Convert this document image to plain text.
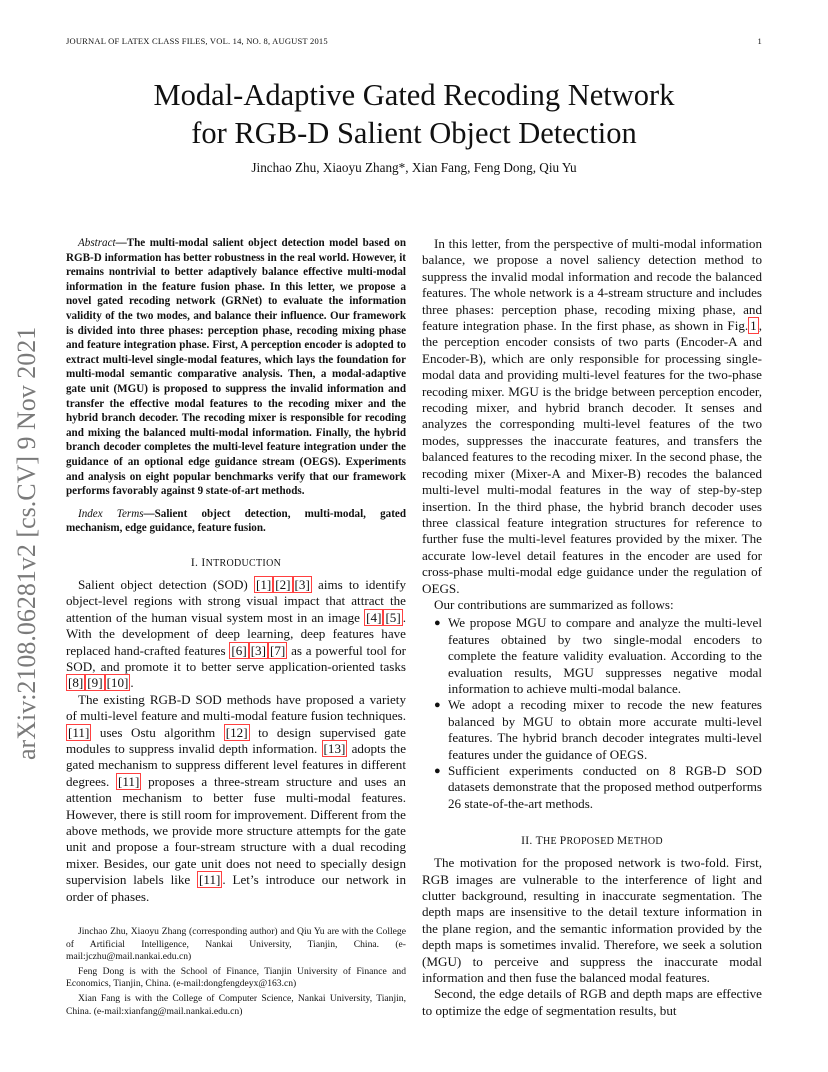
JOURNAL OF LATEX CLASS FILES, VOL. 14, NO. 8, AUGUST 2015	1
arXiv:2108.06281v2 [cs.CV] 9 Nov 2021
Modal-Adaptive Gated Recoding Network
for RGB-D Salient Object Detection
Jinchao Zhu, Xiaoyu Zhang*, Xian Fang, Feng Dong, Qiu Yu

Abstract—The multi-modal salient object detection model based on RGB-D information has better robustness in the real world. However, it remains nontrivial to better adaptively balance effective multi-modal information in the feature fusion phase. In this letter, we propose a novel gated recoding network (GRNet) to evaluate the information validity of the two modes, and balance their influence. Our framework is divided into three phases: perception phase, recoding mixing phase and feature integration phase. First, A perception encoder is adopted to extract multi-level single-modal features, which lays the foundation for multi-modal semantic comparative analysis. Then, a modal-adaptive gate unit (MGU) is proposed to suppress the invalid information and transfer the effective modal features to the recoding mixer and the hybrid branch decoder. The recoding mixer is responsible for recoding and mixing the balanced multi-modal information. Finally, the hybrid branch decoder completes the multi-level feature integration under the guidance of an optional edge guidance stream (OEGS). Experiments and analysis on eight popular benchmarks verify that our framework performs favorably against 9 state-of-art methods.

Index Terms—Salient object detection, multi-modal, gated mechanism, edge guidance, feature fusion.

I. INTRODUCTION

Salient object detection (SOD) [1] [2] [3] aims to identify object-level regions with strong visual impact that attract the attention of the human visual system most in an image [4] [5] . With the development of deep learning, deep features have replaced hand-crafted features [6] [3] [7] as a powerful tool for SOD, and promote it to better serve application-oriented tasks [8] [9] [10] .

The existing RGB-D SOD methods have proposed a variety of multi-level feature and multi-modal feature fusion techniques. [11] uses Ostu algorithm [12] to design supervised gate modules to suppress invalid depth information. [13] adopts the gated mechanism to suppress different level features in different degrees. [11] proposes a three-stream structure and uses an attention mechanism to better fuse multi-modal features. However, there is still room for improvement. Different from the above methods, we provide more structure attempts for the gate unit and propose a four-stream structure with a dual recoding mixer. Besides, our gate unit does not need to specially design supervision labels like [11] . Let’s introduce our network in order of phases.

Jinchao Zhu, Xiaoyu Zhang (corresponding author) and Qiu Yu are with the College of Artificial Intelligence, Nankai University, Tianjin, China. (e-mail:jczhu@mail.nankai.edu.cn)

Feng Dong is with the School of Finance, Tianjin University of Finance and Economics, Tianjin, China. (e-mail:dongfengdeyx@163.cn)

Xian Fang is with the College of Computer Science, Nankai University, Tianjin, China. (e-mail:xianfang@mail.nankai.edu.cn)

In this letter, from the perspective of multi-modal information balance, we propose a novel saliency detection method to suppress the invalid modal information and recode the balanced features. The whole network is a 4-stream structure and includes three phases: perception phase, recoding mixing phase, and feature integration phase. In the first phase, as shown in Fig. 1 , the perception encoder consists of two parts (Encoder-A and Encoder-B), which are only responsible for processing single-modal data and providing multi-level features for the two-phase recoding mixer. MGU is the bridge between perception encoder, recoding mixer, and hybrid branch decoder. It senses and analyzes the corresponding multi-level features of the two modes, suppresses the inaccurate features, and transfers the balanced features to the recoding mixer. In the second phase, the recoding mixer (Mixer-A and Mixer-B) recodes the balanced multi-level multi-modal features in the way of step-by-step insertion. In the third phase, the hybrid branch decoder uses three classical feature integration structures for reference to further fuse the multi-level features provided by the mixer. The accurate low-level detail features in the encoder are used for cross-phase multi-modal edge guidance under the regulation of OEGS.

Our contributions are summarized as follows:

● We propose MGU to compare and analyze the multi-level features obtained by two single-modal encoders to complete the feature validity evaluation. According to the evaluation results, MGU suppresses negative modal information to achieve multi-modal balance.
● We adopt a recoding mixer to recode the new features balanced by MGU to obtain more accurate multi-level features. The hybrid branch decoder integrates multi-level features under the guidance of OEGS.
● Sufficient experiments conducted on 8 RGB-D SOD datasets demonstrate that the proposed method outperforms 26 state-of-the-art methods.
II. THE PROPOSED METHOD

The motivation for the proposed network is two-fold. First, RGB images are vulnerable to the interference of light and clutter background, resulting in inaccurate segmentation. The depth maps are insensitive to the detail texture information in the plane region, and the semantic information provided by the depth maps is sometimes invalid. Therefore, we seek a solution (MGU) to perceive and suppress the inaccurate modal information and then fuse the balanced modal features.

Second, the edge details of RGB and depth maps are effective to optimize the edge of segmentation results, but
